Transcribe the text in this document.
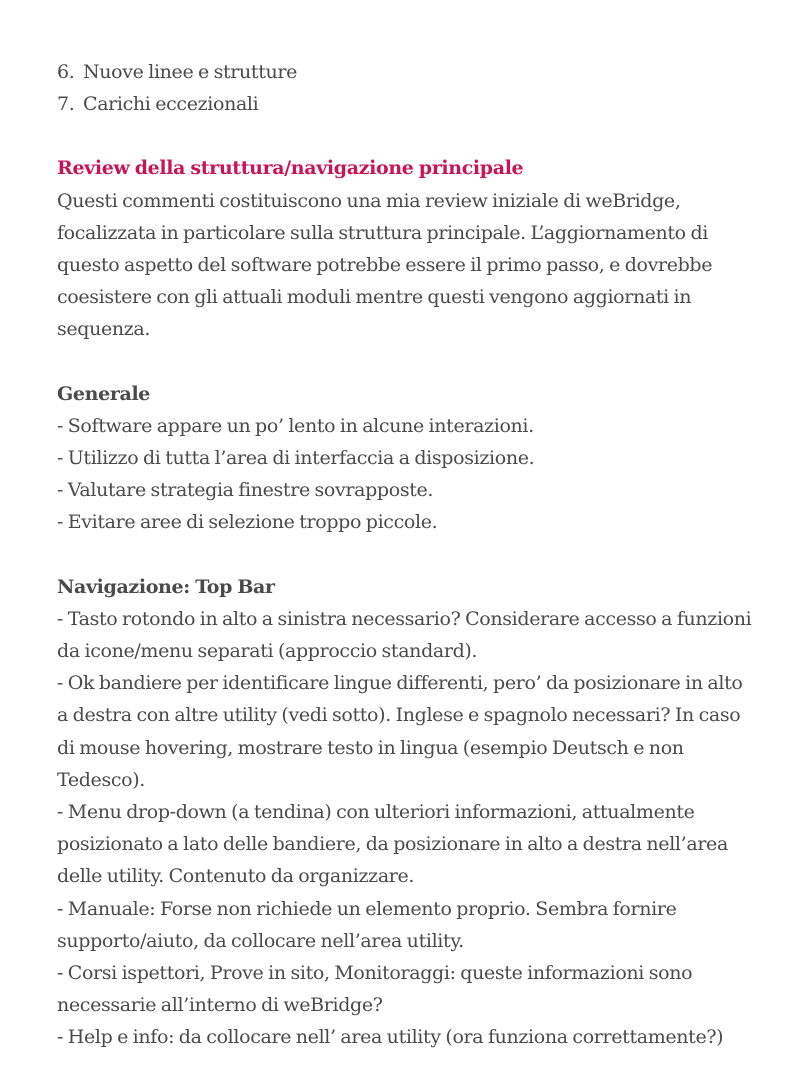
6. Nuove linee e strutture
7. Carichi eccezionali
Review della struttura/navigazione principale

Questi commenti costituiscono una mia review iniziale di weBridge, focalizzata in particolare sulla struttura principale. L’aggiornamento di questo aspetto del software potrebbe essere il primo passo, e dovrebbe coesistere con gli attuali moduli mentre questi vengono aggiornati in sequenza.

Generale
- Software appare un po’ lento in alcune interazioni.
- Utilizzo di tutta l’area di interfaccia a disposizione.
- Valutare strategia finestre sovrapposte.
- Evitare aree di selezione troppo piccole.
Navigazione: Top Bar
- Tasto rotondo in alto a sinistra necessario? Considerare accesso a funzioni da icone/menu separati (approccio standard).
- Ok bandiere per identificare lingue differenti, pero’ da posizionare in alto a destra con altre utility (vedi sotto). Inglese e spagnolo necessari? In caso di mouse hovering, mostrare testo in lingua (esempio Deutsch e non Tedesco).
- Menu drop-down (a tendina) con ulteriori informazioni, attualmente posizionato a lato delle bandiere, da posizionare in alto a destra nell’area delle utility. Contenuto da organizzare.
- Manuale: Forse non richiede un elemento proprio. Sembra fornire supporto/aiuto, da collocare nell’area utility.
- Corsi ispettori, Prove in sito, Monitoraggi: queste informazioni sono necessarie all’interno di weBridge?
- Help e info: da collocare nell’ area utility (ora funziona correttamente?)
